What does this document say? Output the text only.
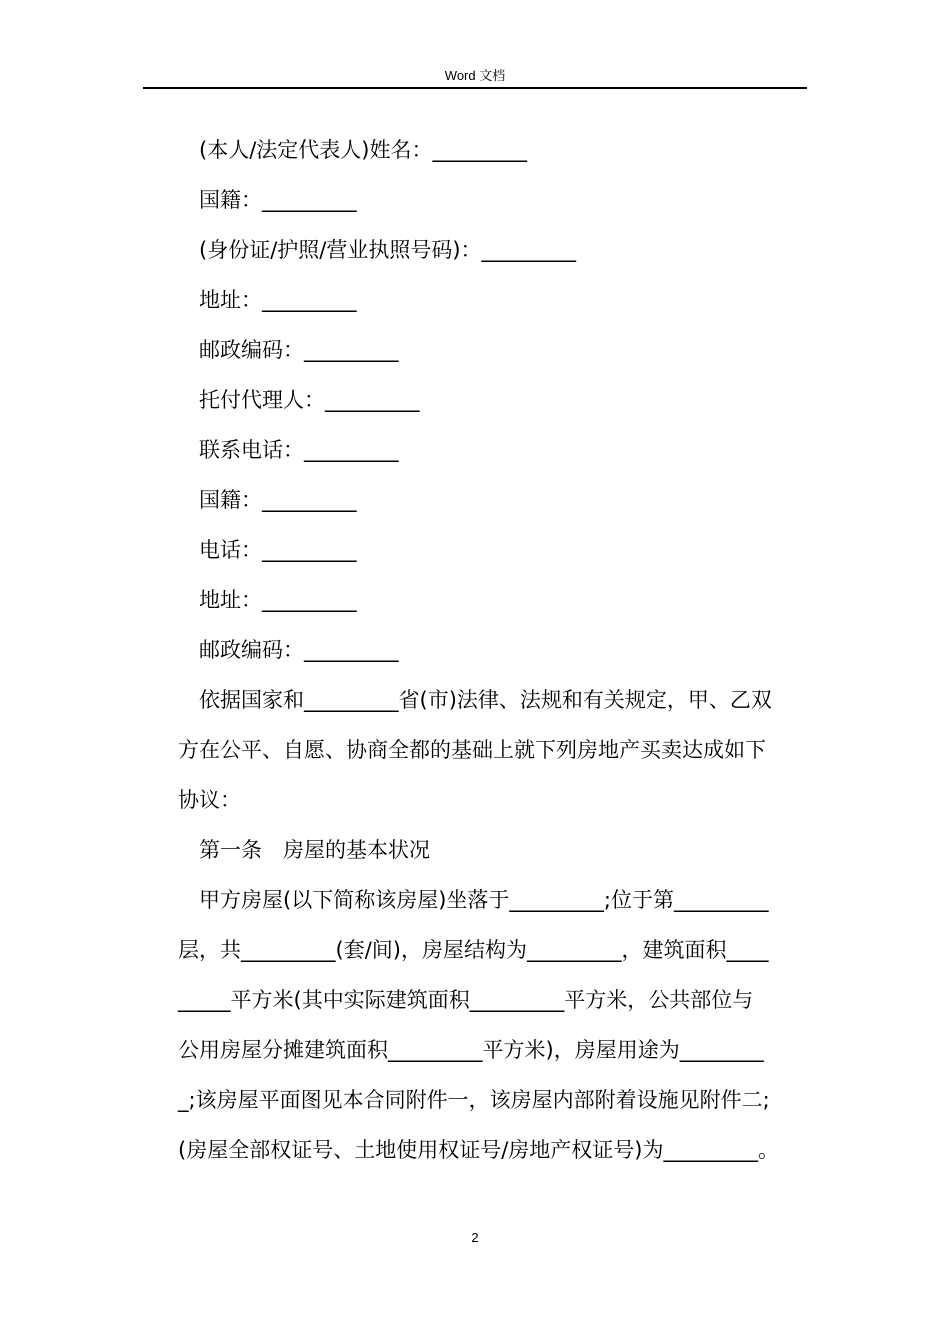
Word 文档
(本人/法定代表人)姓名：_________
国籍：_________
(身份证/护照/营业执照号码)：_________
地址：_________
邮政编码：_________
托付代理人：_________
联系电话：_________
国籍：_________
电话：_________
地址：_________
邮政编码：_________
依据国家和_________省(市)法律、法规和有关规定，甲、乙双
方在公平、自愿、协商全都的基础上就下列房地产买卖达成如下
协议：
第一条　房屋的基本状况
甲方房屋(以下简称该房屋)坐落于_________;位于第_________
层，共_________(套/间)，房屋结构为_________，建筑面积____
_____平方米(其中实际建筑面积_________平方米，公共部位与
公用房屋分摊建筑面积_________平方米)，房屋用途为________
_;该房屋平面图见本合同附件一，该房屋内部附着设施见附件二;
(房屋全部权证号、土地使用权证号/房地产权证号)为_________。
2
